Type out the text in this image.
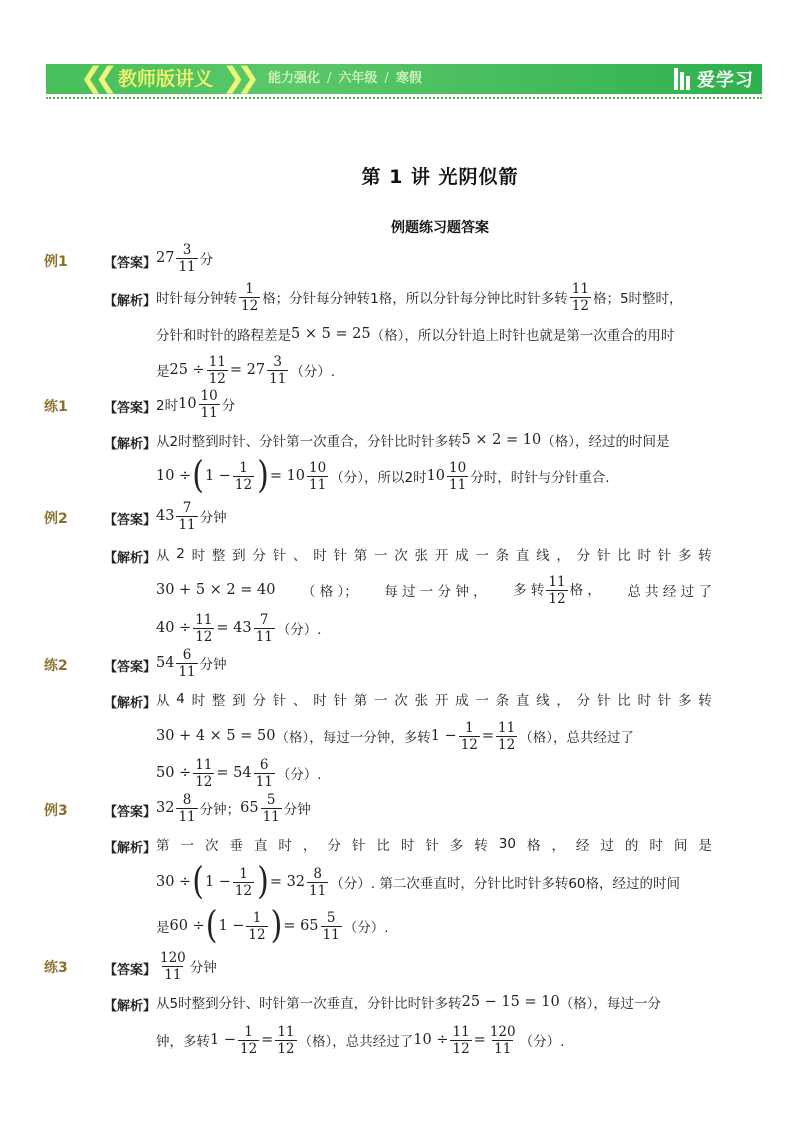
❮❮ 教师版讲义 ❯❯ 能力强化 / 六年级 / 寒假	爱学习
第 1 讲 光阴似箭
例题练习题答案
例1	【答案】 $27 \frac{3}{11}$ 分
【解析】 时针每分钟转 $\frac{1}{12}$ 格；分针每分钟转1格，所以分针每分钟比时针多转 $\frac{11}{12}$ 格；5时整时，
分针和时针的路程差是 5 × 5 = 25 （格），所以分针追上时针也就是第一次重合的用时
是 $25 \div \frac{11}{12} = 27 \frac{3}{11}$ （分）.
练1	【答案】 2时 $10 \frac{10}{11}$ 分
【解析】 从2时整到时针、分针第一次重合，分针比时针多转 5 × 2 = 10 （格），经过的时间是
10 ÷ ( $1 - \frac{1}{12}$ ) = $10 \frac{10}{11}$ （分），所以2时 $10 \frac{10}{11}$ 分时，时针与分针重合.
例2	【答案】 $43 \frac{7}{11}$ 分钟
【解析】 从 2 时 整 到 分 针 、 时 针 第 一 次 张 开 成 一 条 直 线 ， 分 针 比 时 针 多 转
30 + 5 × 2 = 40 （ 格 ）； 每 过 一 分 钟 ， 多 转 $\frac{11}{12}$ 格 ， 总 共 经 过 了
$40 \div \frac{11}{12} = 43 \frac{7}{11}$ （分）.
练2	【答案】 $54 \frac{6}{11}$ 分钟
【解析】 从 4 时 整 到 分 针 、 时 针 第 一 次 张 开 成 一 条 直 线 ， 分 针 比 时 针 多 转
30 + 4 × 5 = 50 （格），每过一分钟，多转 $1 - \frac{1}{12} = \frac{11}{12}$ （格），总共经过了
$50 \div \frac{11}{12} = 54 \frac{6}{11}$ （分）.
例3	【答案】 $32 \frac{8}{11}$ 分钟； $65 \frac{5}{11}$ 分钟
【解析】 第 一 次 垂 直 时 ， 分 针 比 时 针 多 转 30 格 ， 经 过 的 时 间 是
30 ÷ ( $1 - \frac{1}{12}$ ) = $32 \frac{8}{11}$ （分）. 第二次垂直时，分针比时针多转60格，经过的时间
是 60 ÷ ( $1 - \frac{1}{12}$ ) = $65 \frac{5}{11}$ （分）.
练3	【答案】 $\frac{120}{11}$ 分钟
【解析】 从5时整到分针、时针第一次垂直，分针比时针多转 25 − 15 = 10 （格），每过一分
钟，多转 $1 - \frac{1}{12} = \frac{11}{12}$ （格），总共经过了 $10 \div \frac{11}{12} = \frac{120}{11}$ （分）.
